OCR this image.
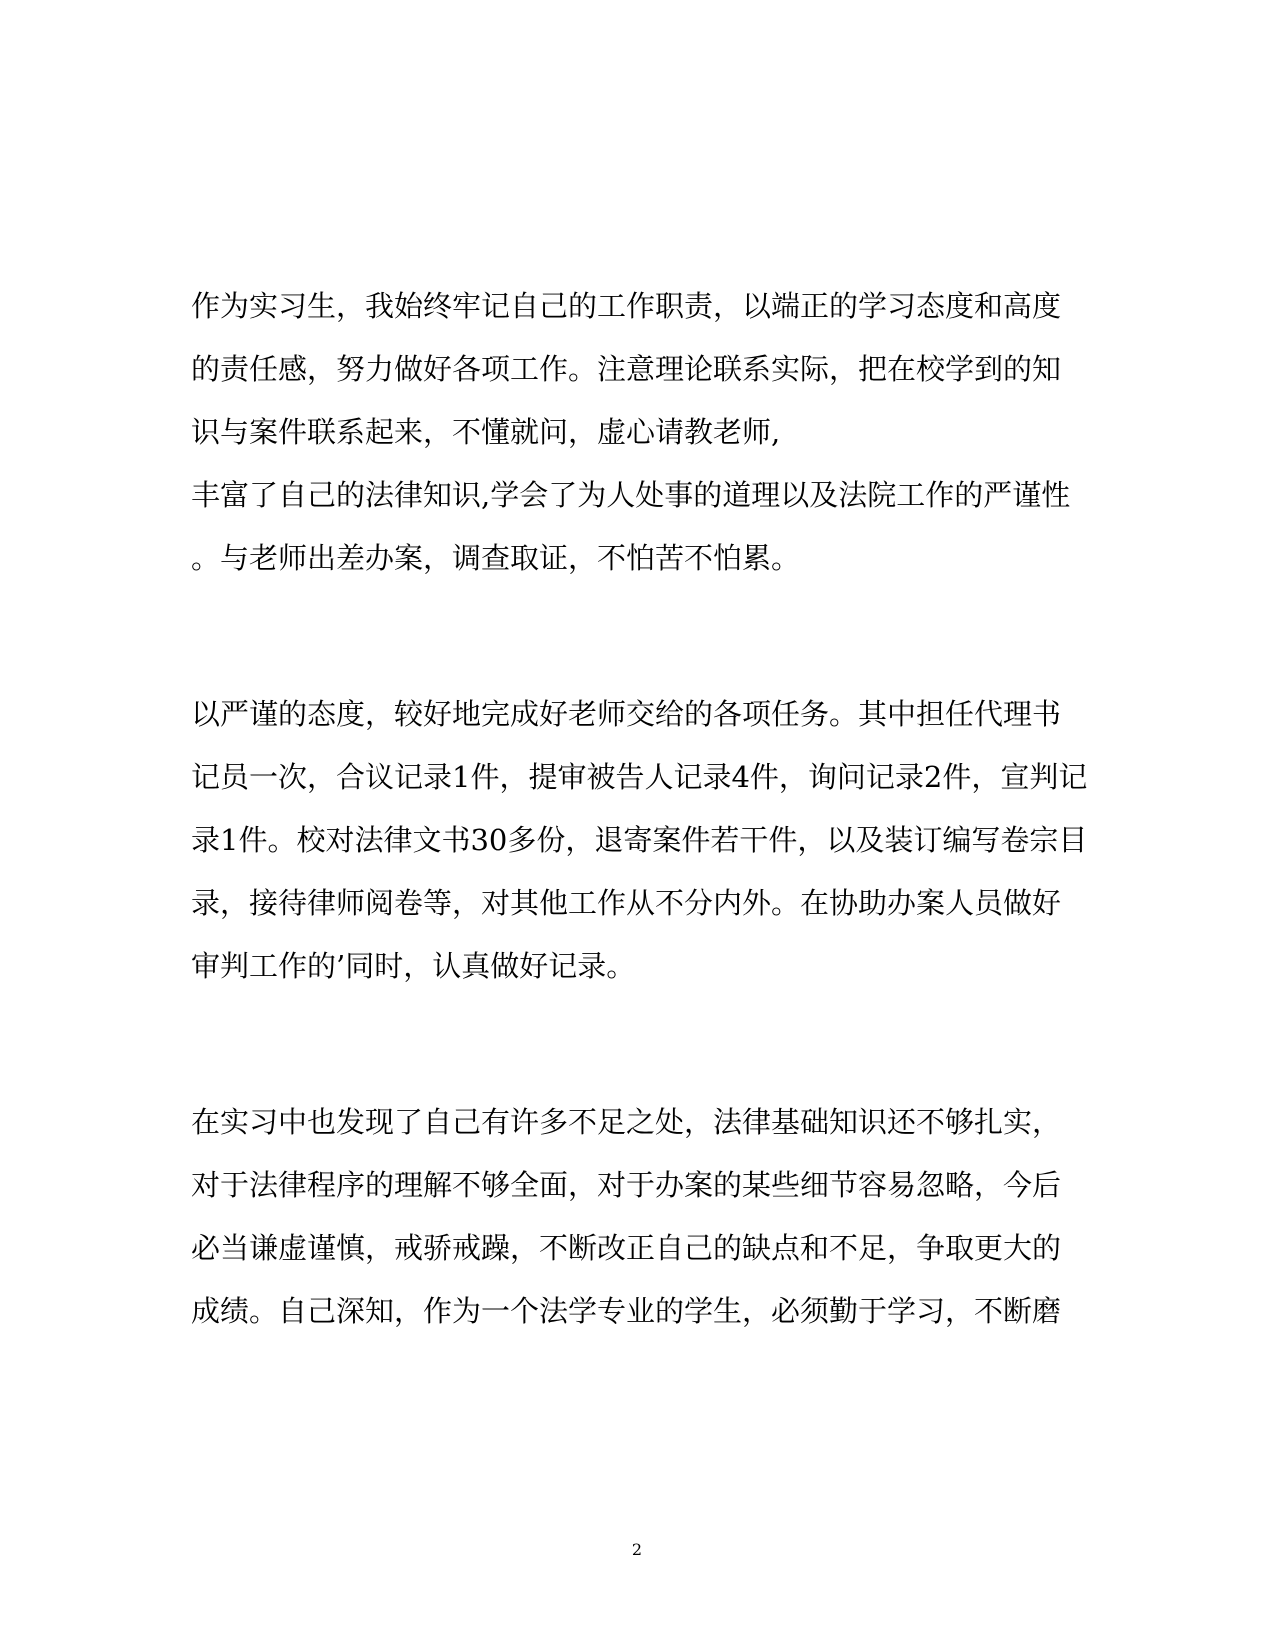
作为实习生，我始终牢记自己的工作职责，以端正的学习态度和高度
的责任感，努力做好各项工作。注意理论联系实际，把在校学到的知
识与案件联系起来，不懂就问，虚心请教老师,
丰富了自己的法律知识,学会了为人处事的道理以及法院工作的严谨性
。与老师出差办案，调查取证，不怕苦不怕累。
以严谨的态度，较好地完成好老师交给的各项任务。其中担任代理书
记员一次，合议记录1件，提审被告人记录4件，询问记录2件，宣判记
录1件。校对法律文书30多份，退寄案件若干件，以及装订编写卷宗目
录，接待律师阅卷等，对其他工作从不分内外。在协助办案人员做好
审判工作的’同时，认真做好记录。
在实习中也发现了自己有许多不足之处，法律基础知识还不够扎实，
对于法律程序的理解不够全面，对于办案的某些细节容易忽略，今后
必当谦虚谨慎，戒骄戒躁，不断改正自己的缺点和不足，争取更大的
成绩。自己深知，作为一个法学专业的学生，必须勤于学习，不断磨
2
